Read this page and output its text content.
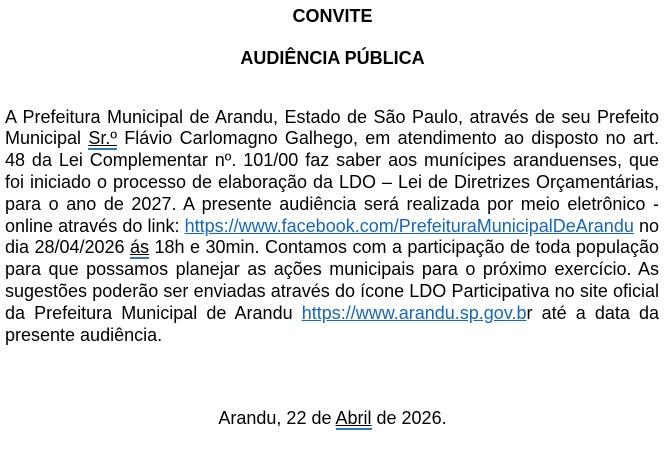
CONVITE
AUDIÊNCIA PÚBLICA

A Prefeitura Municipal de Arandu, Estado de São Paulo, através de seu Prefeito Municipal Sr.º Flávio Carlomagno Galhego, em atendimento ao disposto no art. 48 da Lei Complementar nº. 101/00 faz saber aos munícipes aranduenses, que foi iniciado o processo de elaboração da LDO – Lei de Diretrizes Orçamentárias, para o ano de 2027. A presente audiência será realizada por meio eletrônico - online através do link: https://www.facebook.com/PrefeituraMunicipalDeArandu no dia 28/04/2026 ás 18h e 30min. Contamos com a participação de toda população para que possamos planejar as ações municipais para o próximo exercício. As sugestões poderão ser enviadas através do ícone LDO Participativa no site oficial da Prefeitura Municipal de Arandu https://www.arandu.sp.gov.br até a data da presente audiência.

Arandu, 22 de Abril de 2026.
